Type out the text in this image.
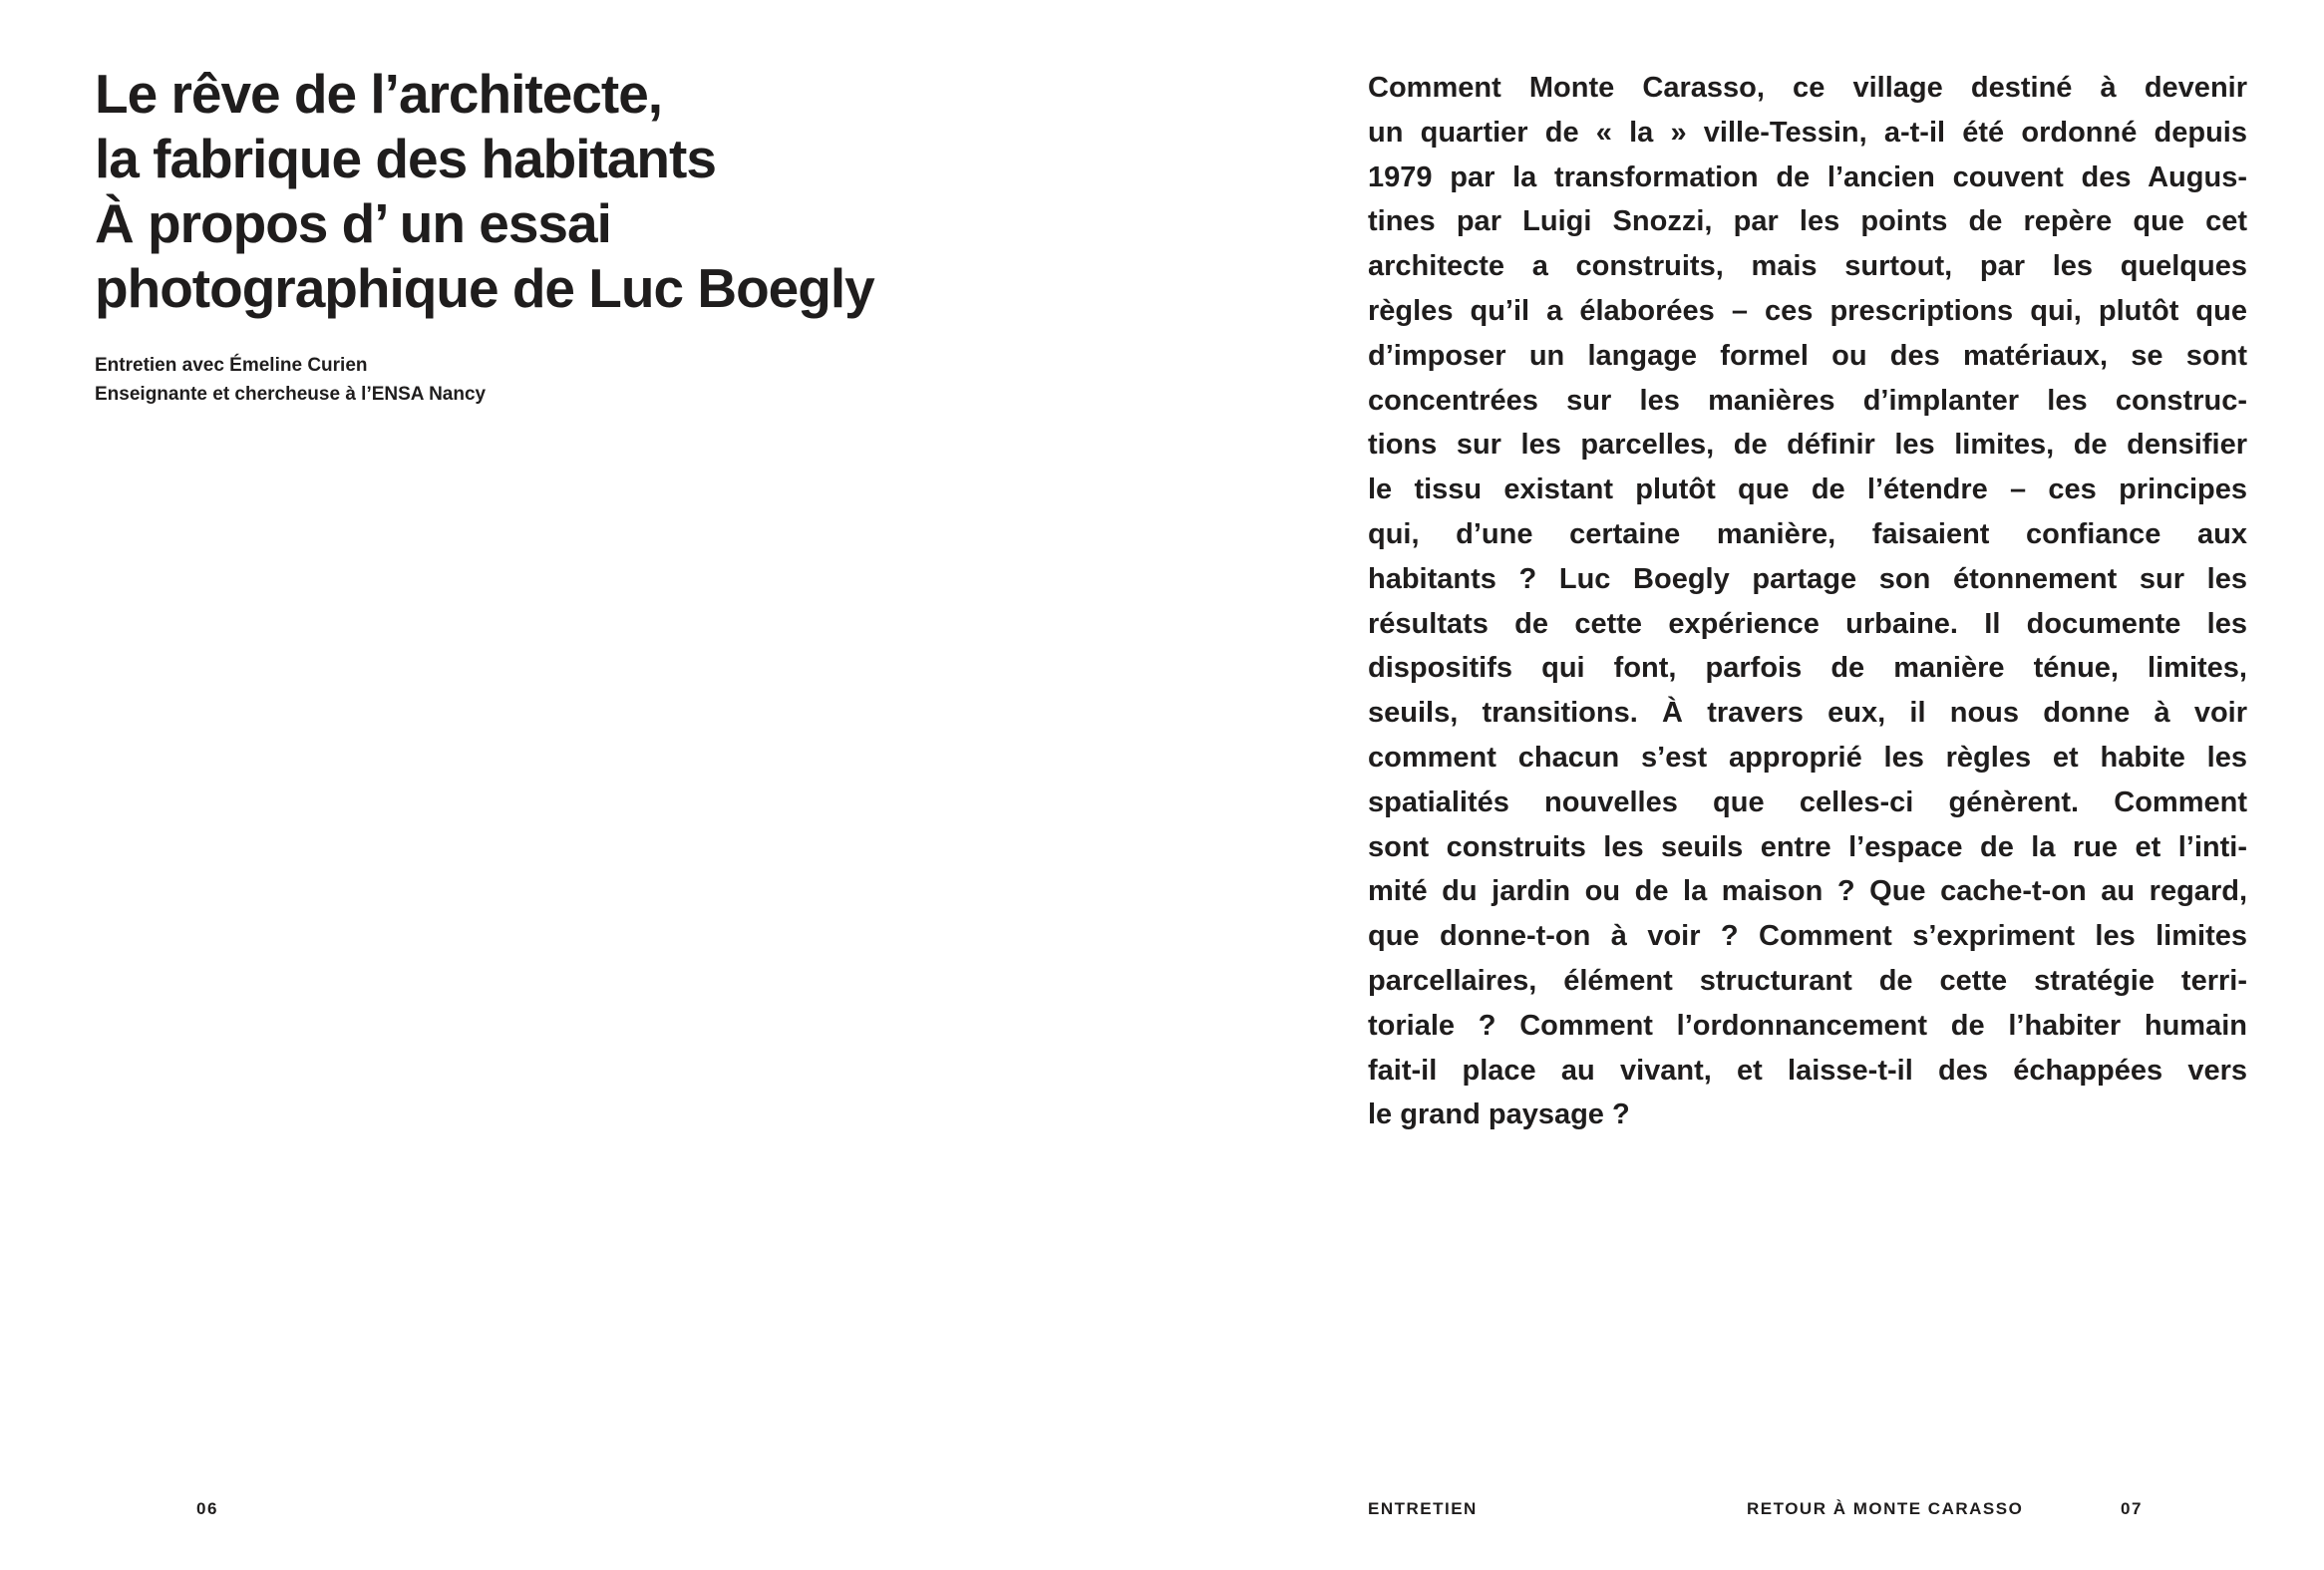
Le rêve de l’architecte,
la fabrique des habitants
À propos d’ un essai
photographique de Luc Boegly
Entretien avec Émeline Curien
Enseignante et chercheuse à l’ENSA Nancy
Comment Monte Carasso, ce village destiné à devenir
un quartier de « la » ville-Tessin, a-t-il été ordonné depuis
1979 par la transformation de l’ancien couvent des Augus-
tines par Luigi Snozzi, par les points de repère que cet
architecte a construits, mais surtout, par les quelques
règles qu’il a élaborées – ces prescriptions qui, plutôt que
d’imposer un langage formel ou des matériaux, se sont
concentrées sur les manières d’implanter les construc-
tions sur les parcelles, de définir les limites, de densifier
le tissu existant plutôt que de l’étendre – ces principes
qui, d’une certaine manière, faisaient confiance aux
habitants ? Luc Boegly partage son étonnement sur les
résultats de cette expérience urbaine. Il documente les
dispositifs qui font, parfois de manière ténue, limites,
seuils, transitions. À travers eux, il nous donne à voir
comment chacun s’est approprié les règles et habite les
spatialités nouvelles que celles-ci génèrent. Comment
sont construits les seuils entre l’espace de la rue et l’inti-
mité du jardin ou de la maison ? Que cache-t-on au regard,
que donne-t-on à voir ? Comment s’expriment les limites
parcellaires, élément structurant de cette stratégie terri-
toriale ? Comment l’ordonnancement de l’habiter humain
fait-il place au vivant, et laisse-t-il des échappées vers
le grand paysage ?
06	ENTRETIEN	RETOUR À MONTE CARASSO	07
